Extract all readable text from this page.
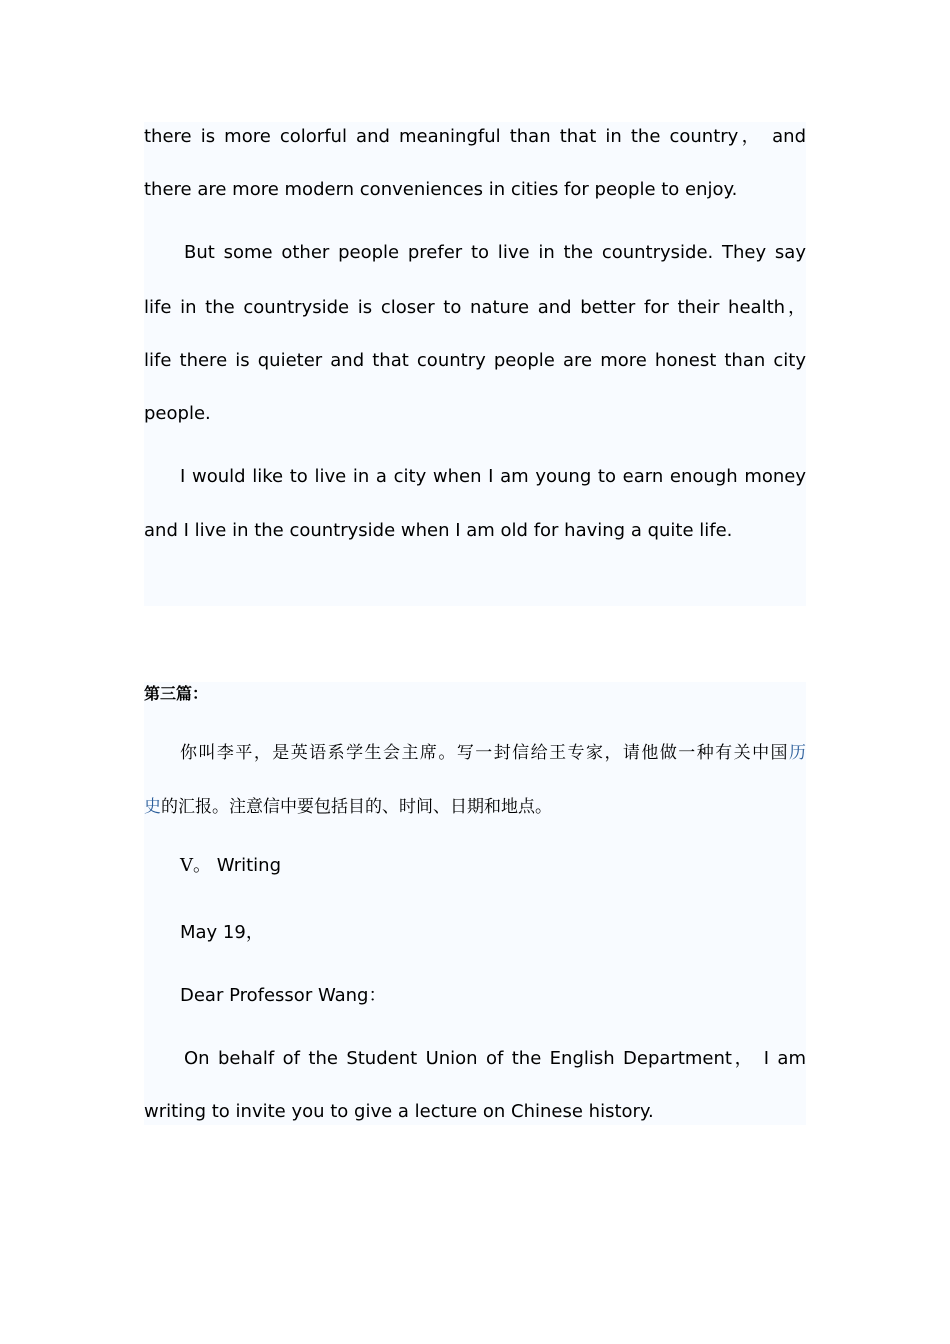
there is more colorful and meaningful than that in the country， and
there are more modern conveniences in cities for people to enjoy.
But some other people prefer to live in the countryside. They say
life in the countryside is closer to nature and better for their health，
life there is quieter and that country people are more honest than city
people.
I would like to live in a city when I am young to earn enough money
and I live in the countryside when I am old for having a quite life.
第三篇：
你叫李平，是英语系学生会主席。写一封信给王专家，请他做一种有关中国历
史的汇报。注意信中要包括目的、时间、日期和地点。
Ⅴ。 Writing
May 19，
Dear Professor Wang：
On behalf of the Student Union of the English Department， I am
writing to invite you to give a lecture on Chinese history.
